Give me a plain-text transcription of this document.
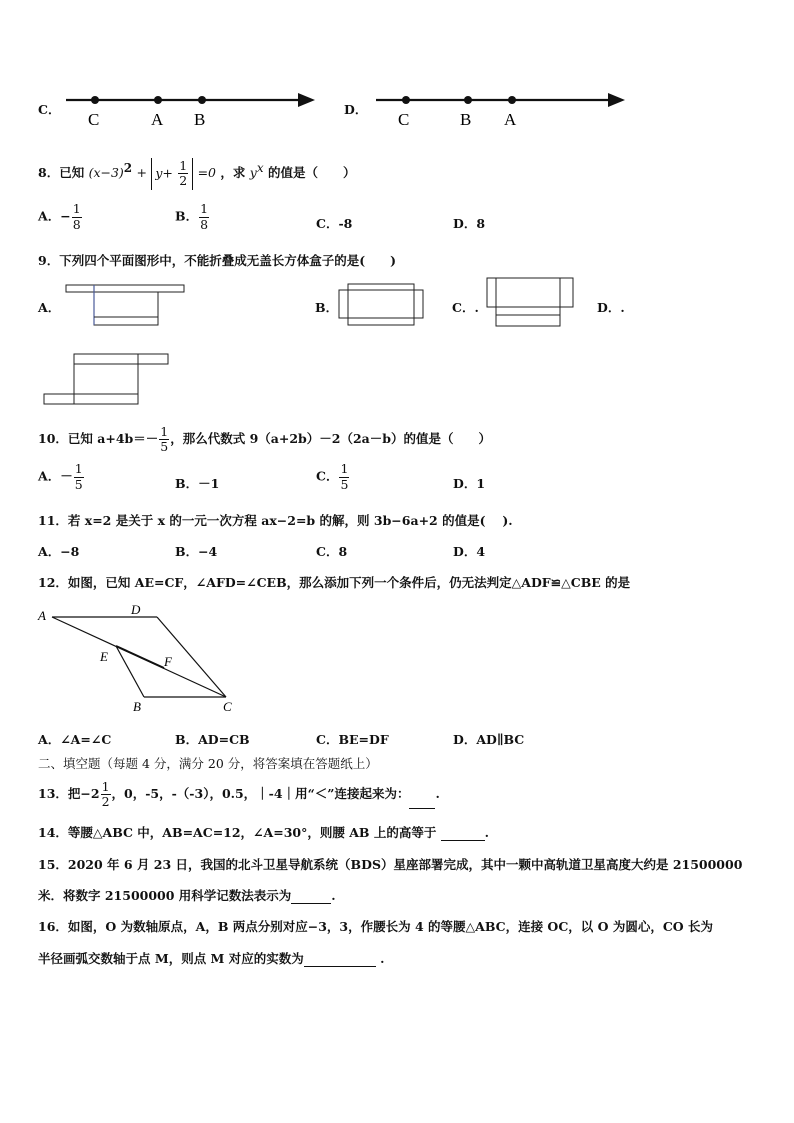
C．
C	A B
D．
C	B A
8．已知 $(x-3)^2 + y+ \frac{1}{2} =0$ ，求 $y^x$ 的值是（　　）
A．− $\frac{1}{8}$	B． $\frac{1}{8}$	C．-8	D．8
9．下列四个平面图形中，不能折叠成无盖长方体盒子的是(　　)
A．	B．	C．.	D．.
10．已知 $a+4b=- \frac{1}{5}$ ，那么代数式 9（a+2b）－2（2a－b）的值是（　　）
A．－ $\frac{1}{5}$	B．－1	C． $\frac{1}{5}$	D．1
11．若 x=2 是关于 x 的一元一次方程 ax−2=b 的解，则 3b−6a+2 的值是(　 ).
A．−8	B．−4	C．8	D．4
12．如图，已知 AE=CF，∠AFD=∠CEB，那么添加下列一个条件后，仍无法判定△ADF≌△CBE 的是
A	D
E	F
B	C
A．∠A=∠C	B．AD=CB	C．BE=DF	D．AD∥BC
二、填空题（每题 4 分，满分 20 分，将答案填在答题纸上）
13．把$-2 \frac{1}{2}$ ，0，-5，-（-3），0.5，｜-4｜用“＜”连接起来为： .
14．等腰△ABC 中，AB=AC=12，∠A=30°，则腰 AB 上的高等于	.
15．2020 年 6 月 23 日，我国的北斗卫星导航系统（BDS）星座部署完成，其中一颗中高轨道卫星高度大约是 21500000
米．将数字 21500000 用科学记数法表示为	.
16．如图，O 为数轴原点，A，B 两点分别对应−3，3，作腰长为 4 的等腰△ABC，连接 OC，以 O 为圆心，CO 长为
半径画弧交数轴于点 M，则点 M 对应的实数为	.
